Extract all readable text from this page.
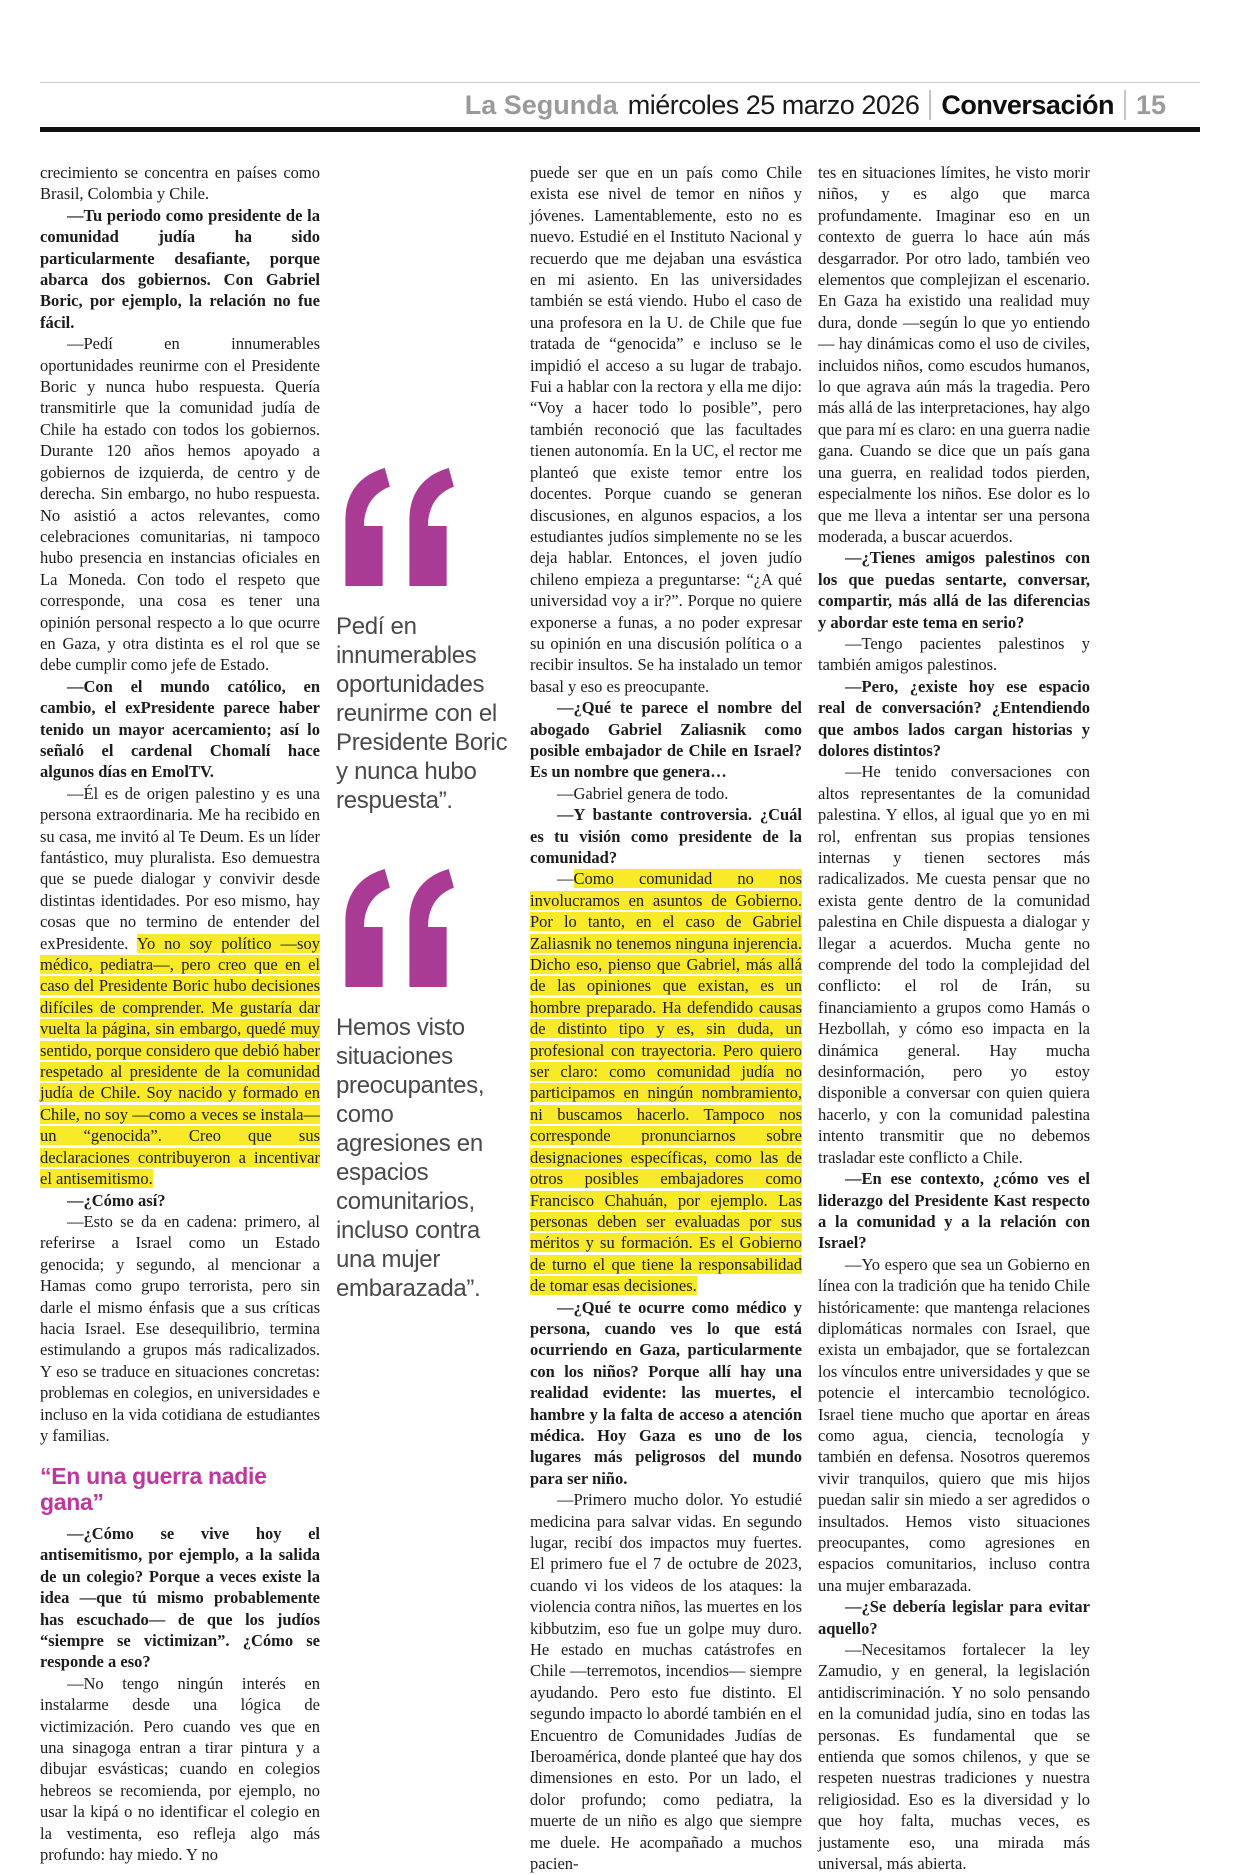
La Segunda miércoles 25 marzo 2026 Conversación 15

crecimiento se concentra en países como Brasil, Colombia y Chile.

—Tu periodo como presidente de la comunidad judía ha sido particularmente desafiante, porque abarca dos gobiernos. Con Gabriel Boric, por ejemplo, la relación no fue fácil.

—Pedí en innumerables oportunidades reunirme con el Presidente Boric y nunca hubo respuesta. Quería transmitirle que la comunidad judía de Chile ha estado con todos los gobiernos. Durante 120 años hemos apoyado a gobiernos de izquierda, de centro y de derecha. Sin embargo, no hubo respuesta. No asistió a actos relevantes, como celebraciones comunitarias, ni tampoco hubo presencia en instancias oficiales en La Moneda. Con todo el respeto que corresponde, una cosa es tener una opinión personal respecto a lo que ocurre en Gaza, y otra distinta es el rol que se debe cumplir como jefe de Estado.

—Con el mundo católico, en cambio, el exPresidente parece haber tenido un mayor acercamiento; así lo señaló el cardenal Chomalí hace algunos días en EmolTV.

—Él es de origen palestino y es una persona extraordinaria. Me ha recibido en su casa, me invitó al Te Deum. Es un líder fantástico, muy pluralista. Eso demuestra que se puede dialogar y convivir desde distintas identidades. Por eso mismo, hay cosas que no termino de entender del exPresidente. Yo no soy político —soy médico, pediatra—, pero creo que en el caso del Presidente Boric hubo decisiones difíciles de comprender. Me gustaría dar vuelta la página, sin embargo, quedé muy sentido, porque considero que debió haber respetado al presidente de la comunidad judía de Chile. Soy nacido y formado en Chile, no soy —como a veces se instala— un “genocida”. Creo que sus declaraciones contribuyeron a incentivar el antisemitismo.

—¿Cómo así?

—Esto se da en cadena: primero, al referirse a Israel como un Estado genocida; y segundo, al mencionar a Hamas como grupo terrorista, pero sin darle el mismo énfasis que a sus críticas hacia Israel. Ese desequilibrio, termina estimulando a grupos más radicalizados. Y eso se traduce en situaciones concretas: problemas en colegios, en universidades e incluso en la vida cotidiana de estudiantes y familias.

“En una guerra nadie gana”

—¿Cómo se vive hoy el antisemitismo, por ejemplo, a la salida de un colegio? Porque a veces existe la idea —que tú mismo probablemente has escuchado— de que los judíos “siempre se victimizan”. ¿Cómo se responde a eso?

—No tengo ningún interés en instalarme desde una lógica de victimización. Pero cuando ves que en una sinagoga entran a tirar pintura y a dibujar esvásticas; cuando en colegios hebreos se recomienda, por ejemplo, no usar la kipá o no identificar el colegio en la vestimenta, eso refleja algo más profundo: hay miedo. Y no

Pedí en innumerables oportunidades reunirme con el Presidente Boric y nunca hubo respuesta”.

Hemos visto situaciones preocupantes, como agresiones en espacios comunitarios, incluso contra una mujer embarazada”.

puede ser que en un país como Chile exista ese nivel de temor en niños y jóvenes. Lamentablemente, esto no es nuevo. Estudié en el Instituto Nacional y recuerdo que me dejaban una esvástica en mi asiento. En las universidades también se está viendo. Hubo el caso de una profesora en la U. de Chile que fue tratada de “genocida” e incluso se le impidió el acceso a su lugar de trabajo. Fui a hablar con la rectora y ella me dijo: “Voy a hacer todo lo posible”, pero también reconoció que las facultades tienen autonomía. En la UC, el rector me planteó que existe temor entre los docentes. Porque cuando se generan discusiones, en algunos espacios, a los estudiantes judíos simplemente no se les deja hablar. Entonces, el joven judío chileno empieza a preguntarse: “¿A qué universidad voy a ir?”. Porque no quiere exponerse a funas, a no poder expresar su opinión en una discusión política o a recibir insultos. Se ha instalado un temor basal y eso es preocupante.

—¿Qué te parece el nombre del abogado Gabriel Zaliasnik como posible embajador de Chile en Israel? Es un nombre que genera…

—Gabriel genera de todo.

—Y bastante controversia. ¿Cuál es tu visión como presidente de la comunidad?

—Como comunidad no nos involucramos en asuntos de Gobierno. Por lo tanto, en el caso de Gabriel Zaliasnik no tenemos ninguna injerencia. Dicho eso, pienso que Gabriel, más allá de las opiniones que existan, es un hombre preparado. Ha defendido causas de distinto tipo y es, sin duda, un profesional con trayectoria. Pero quiero ser claro: como comunidad judía no participamos en ningún nombramiento, ni buscamos hacerlo. Tampoco nos corresponde pronunciarnos sobre designaciones específicas, como las de otros posibles embajadores como Francisco Chahuán, por ejemplo. Las personas deben ser evaluadas por sus méritos y su formación. Es el Gobierno de turno el que tiene la responsabilidad de tomar esas decisiones.

—¿Qué te ocurre como médico y persona, cuando ves lo que está ocurriendo en Gaza, particularmente con los niños? Porque allí hay una realidad evidente: las muertes, el hambre y la falta de acceso a atención médica. Hoy Gaza es uno de los lugares más peligrosos del mundo para ser niño.

—Primero mucho dolor. Yo estudié medicina para salvar vidas. En segundo lugar, recibí dos impactos muy fuertes. El primero fue el 7 de octubre de 2023, cuando vi los videos de los ataques: la violencia contra niños, las muertes en los kibbutzim, eso fue un golpe muy duro. He estado en muchas catástrofes en Chile —terremotos, incendios— siempre ayudando. Pero esto fue distinto. El segundo impacto lo abordé también en el Encuentro de Comunidades Judías de Iberoamérica, donde planteé que hay dos dimensiones en esto. Por un lado, el dolor profundo; como pediatra, la muerte de un niño es algo que siempre me duele. He acompañado a muchos pacien-

tes en situaciones límites, he visto morir niños, y es algo que marca profundamente. Imaginar eso en un contexto de guerra lo hace aún más desgarrador. Por otro lado, también veo elementos que complejizan el escenario. En Gaza ha existido una realidad muy dura, donde —según lo que yo entiendo— hay dinámicas como el uso de civiles, incluidos niños, como escudos humanos, lo que agrava aún más la tragedia. Pero más allá de las interpretaciones, hay algo que para mí es claro: en una guerra nadie gana. Cuando se dice que un país gana una guerra, en realidad todos pierden, especialmente los niños. Ese dolor es lo que me lleva a intentar ser una persona moderada, a buscar acuerdos.

—¿Tienes amigos palestinos con los que puedas sentarte, conversar, compartir, más allá de las diferencias y abordar este tema en serio?

—Tengo pacientes palestinos y también amigos palestinos.

—Pero, ¿existe hoy ese espacio real de conversación? ¿Entendiendo que ambos lados cargan historias y dolores distintos?

—He tenido conversaciones con altos representantes de la comunidad palestina. Y ellos, al igual que yo en mi rol, enfrentan sus propias tensiones internas y tienen sectores más radicalizados. Me cuesta pensar que no exista gente dentro de la comunidad palestina en Chile dispuesta a dialogar y llegar a acuerdos. Mucha gente no comprende del todo la complejidad del conflicto: el rol de Irán, su financiamiento a grupos como Hamás o Hezbollah, y cómo eso impacta en la dinámica general. Hay mucha desinformación, pero yo estoy disponible a conversar con quien quiera hacerlo, y con la comunidad palestina intento transmitir que no debemos trasladar este conflicto a Chile.

—En ese contexto, ¿cómo ves el liderazgo del Presidente Kast respecto a la comunidad y a la relación con Israel?

—Yo espero que sea un Gobierno en línea con la tradición que ha tenido Chile históricamente: que mantenga relaciones diplomáticas normales con Israel, que exista un embajador, que se fortalezcan los vínculos entre universidades y que se potencie el intercambio tecnológico. Israel tiene mucho que aportar en áreas como agua, ciencia, tecnología y también en defensa. Nosotros queremos vivir tranquilos, quiero que mis hijos puedan salir sin miedo a ser agredidos o insultados. Hemos visto situaciones preocupantes, como agresiones en espacios comunitarios, incluso contra una mujer embarazada.

—¿Se debería legislar para evitar aquello?

—Necesitamos fortalecer la ley Zamudio, y en general, la legislación antidiscriminación. Y no solo pensando en la comunidad judía, sino en todas las personas. Es fundamental que se entienda que somos chilenos, y que se respeten nuestras tradiciones y nuestra religiosidad. Eso es la diversidad y lo que hoy falta, muchas veces, es justamente eso, una mirada más universal, más abierta.
